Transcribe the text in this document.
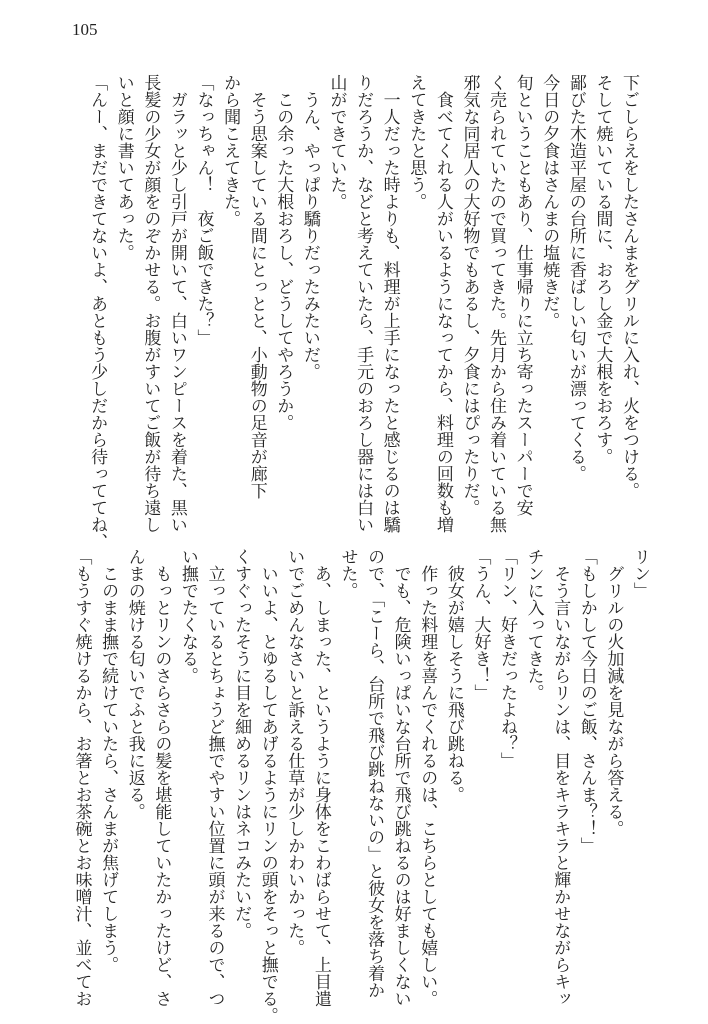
105
下ごしらえをしたさんまをグリルに入れ、火をつける。
そして焼いている間に、おろし金で大根をおろす。
鄙びた木造平屋の台所に香ばしい匂いが漂ってくる。
今日の夕食はさんまの塩焼きだ。
旬ということもあり、仕事帰りに立ち寄ったスーパーで安
く売られていたので買ってきた。先月から住み着いている無
邪気な同居人の大好物でもあるし、夕食にはぴったりだ。
　食べてくれる人がいるようになってから、料理の回数も増
えてきたと思う。
　一人だった時よりも、料理が上手になったと感じるのは驕
りだろうか、などと考えていたら、手元のおろし器には白い
山ができていた。
　うん、やっぱり驕りだったみたいだ。
　この余った大根おろし、どうしてやろうか。
　そう思案している間にとっとと、小動物の足音が廊下
から聞こえてきた。
「なっちゃん！　夜ご飯できた？」
　ガラッと少し引戸が開いて、白いワンピースを着た、黒い
長髪の少女が顔をのぞかせる。お腹がすいてご飯が待ち遠し
いと顔に書いてあった。
「んー、まだできてないよ、あともう少しだから待っててね、
リン」
　グリルの火加減を見ながら答える。
「もしかして今日のご飯、さんま？！」
　そう言いながらリンは、目をキラキラと輝かせながらキッ
チンに入ってきた。
「リン、好きだったよね？」
「うん、大好き！」
　彼女が嬉しそうに飛び跳ねる。
　作った料理を喜んでくれるのは、こちらとしても嬉しい。
　でも、危険いっぱいな台所で飛び跳ねるのは好ましくない
ので、「こーら、台所で飛び跳ねないの」と彼女を落ち着か
せた。
　あ、しまった、というように身体をこわばらせて、上目遣
いでごめんなさいと訴える仕草が少しかわいかった。
　いいよ、とゆるしてあげるようにリンの頭をそっと撫でる。
くすぐったそうに目を細めるリンはネコみたいだ。
　立っているとちょうど撫でやすい位置に頭が来るので、つ
い撫でたくなる。
　もっとリンのさらさらの髪を堪能していたかったけど、さ
んまの焼ける匂いでふと我に返る。
　このまま撫で続けていたら、さんまが焦げてしまう。
「もうすぐ焼けるから、お箸とお茶碗とお味噌汁、並べてお
